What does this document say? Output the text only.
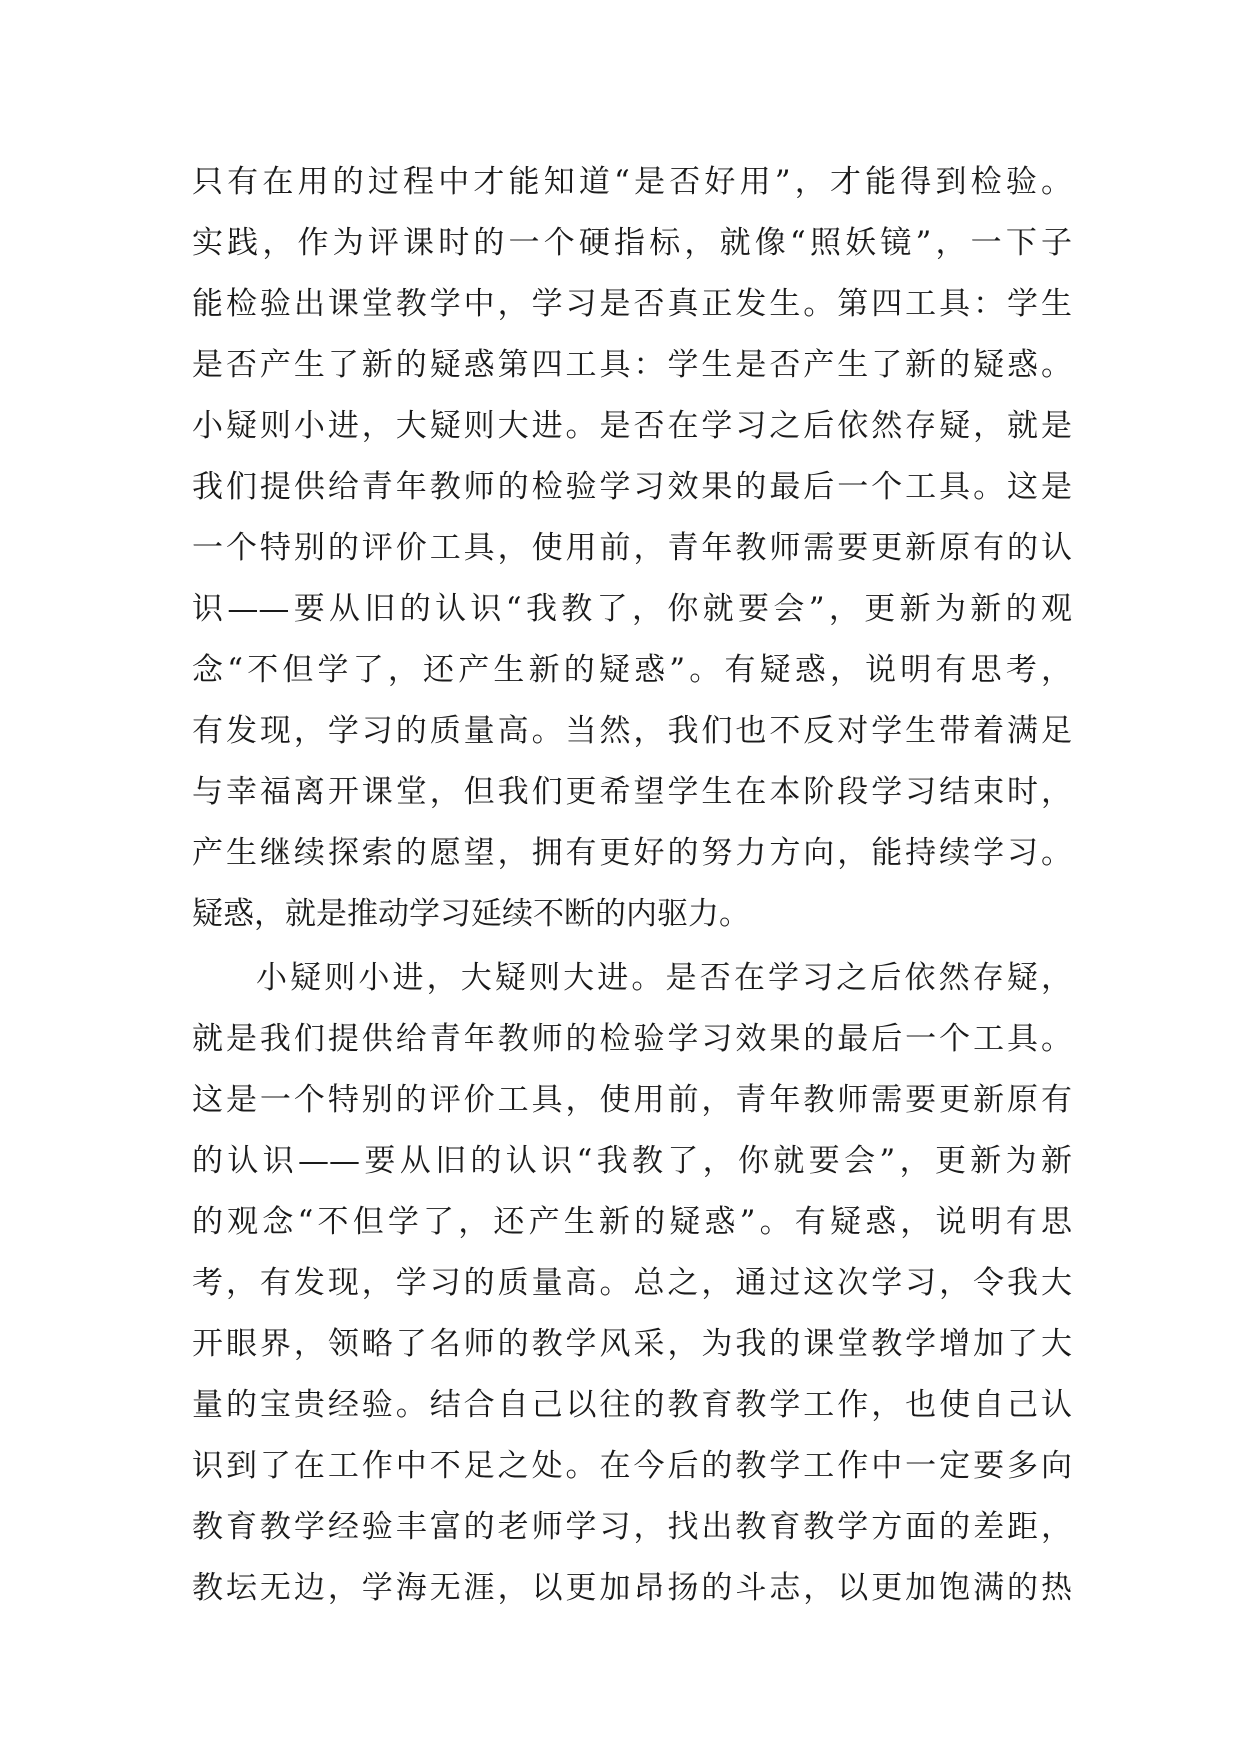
只有在用的过程中才能知道“是否好用”，才能得到检验。
实践，作为评课时的一个硬指标，就像“照妖镜”，一下子
能检验出课堂教学中，学习是否真正发生。第四工具：学生
是否产生了新的疑惑第四工具：学生是否产生了新的疑惑。
小疑则小进，大疑则大进。是否在学习之后依然存疑，就是
我们提供给青年教师的检验学习效果的最后一个工具。这是
一个特别的评价工具，使用前，青年教师需要更新原有的认
识——要从旧的认识“我教了，你就要会”，更新为新的观
念“不但学了，还产生新的疑惑”。有疑惑，说明有思考，
有发现，学习的质量高。当然，我们也不反对学生带着满足
与幸福离开课堂，但我们更希望学生在本阶段学习结束时，
产生继续探索的愿望，拥有更好的努力方向，能持续学习。
疑惑，就是推动学习延续不断的内驱力。
小疑则小进，大疑则大进。是否在学习之后依然存疑，
就是我们提供给青年教师的检验学习效果的最后一个工具。
这是一个特别的评价工具，使用前，青年教师需要更新原有
的认识——要从旧的认识“我教了，你就要会”，更新为新
的观念“不但学了，还产生新的疑惑”。有疑惑，说明有思
考，有发现，学习的质量高。总之，通过这次学习，令我大
开眼界，领略了名师的教学风采，为我的课堂教学增加了大
量的宝贵经验。结合自己以往的教育教学工作，也使自己认
识到了在工作中不足之处。在今后的教学工作中一定要多向
教育教学经验丰富的老师学习，找出教育教学方面的差距，
教坛无边，学海无涯，以更加昂扬的斗志，以更加饱满的热
